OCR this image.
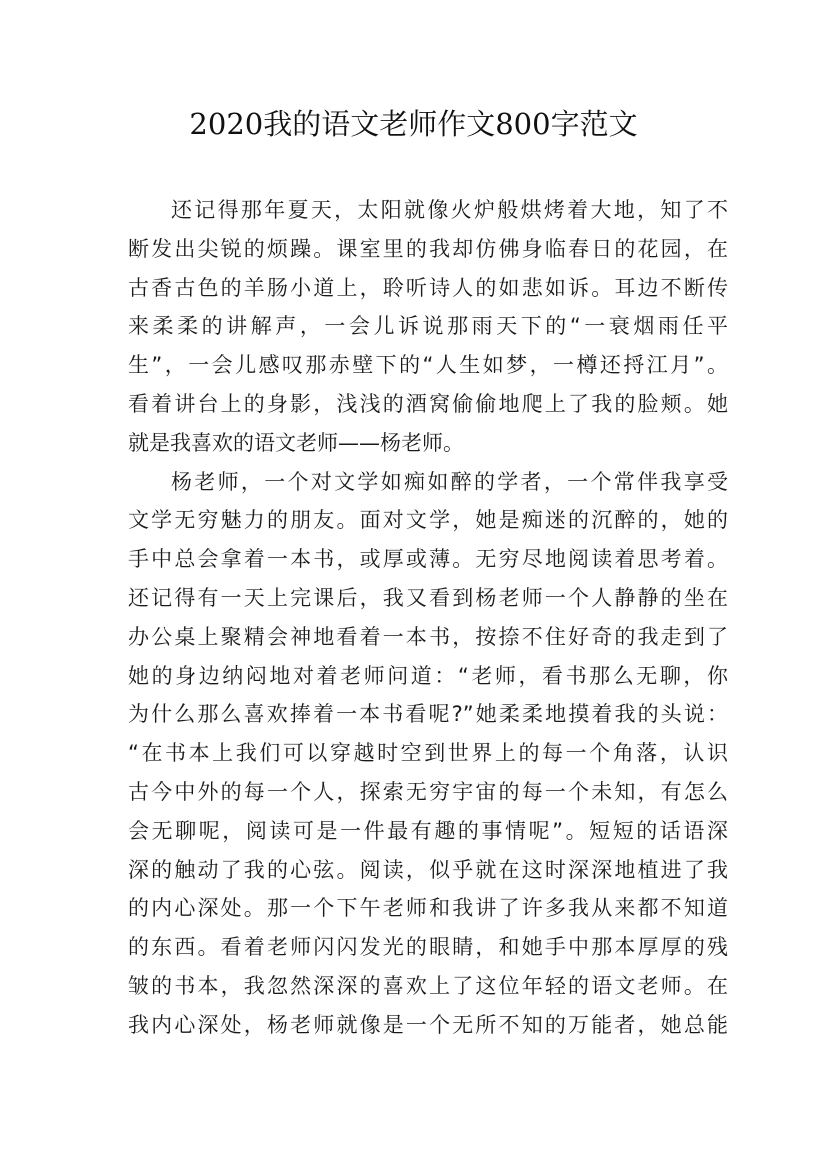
2020我的语文老师作文800字范文
还记得那年夏天，太阳就像火炉般烘烤着大地，知了不
断发出尖锐的烦躁。课室里的我却仿佛身临春日的花园，在
古香古色的羊肠小道上，聆听诗人的如悲如诉。耳边不断传
来柔柔的讲解声，一会儿诉说那雨天下的“一衰烟雨任平
生”，一会儿感叹那赤壁下的“人生如梦，一樽还捋江月”。
看着讲台上的身影，浅浅的酒窝偷偷地爬上了我的脸颊。她
就是我喜欢的语文老师——杨老师。
杨老师，一个对文学如痴如醉的学者，一个常伴我享受
文学无穷魅力的朋友。面对文学，她是痴迷的沉醉的，她的
手中总会拿着一本书，或厚或薄。无穷尽地阅读着思考着。
还记得有一天上完课后，我又看到杨老师一个人静静的坐在
办公桌上聚精会神地看着一本书，按捺不住好奇的我走到了
她的身边纳闷地对着老师问道：“老师，看书那么无聊，你
为什么那么喜欢捧着一本书看呢?”她柔柔地摸着我的头说：
“在书本上我们可以穿越时空到世界上的每一个角落，认识
古今中外的每一个人，探索无穷宇宙的每一个未知，有怎么
会无聊呢，阅读可是一件最有趣的事情呢”。短短的话语深
深的触动了我的心弦。阅读，似乎就在这时深深地植进了我
的内心深处。那一个下午老师和我讲了许多我从来都不知道
的东西。看着老师闪闪发光的眼睛，和她手中那本厚厚的残
皱的书本，我忽然深深的喜欢上了这位年轻的语文老师。在
我内心深处，杨老师就像是一个无所不知的万能者，她总能
